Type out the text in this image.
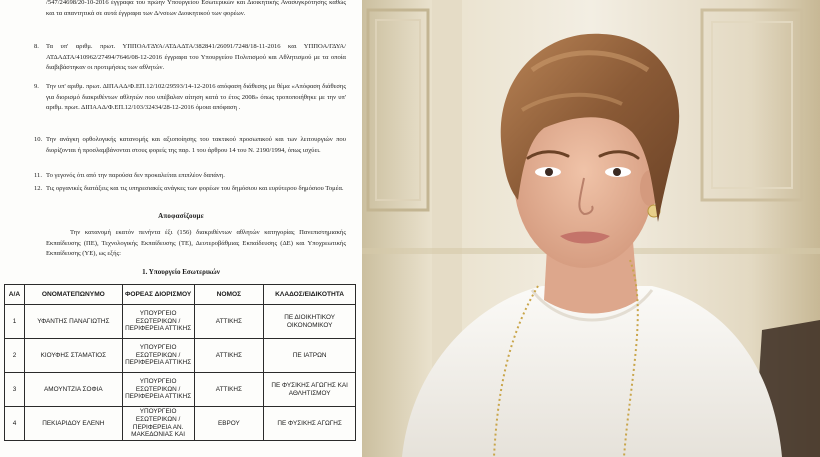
/547/24698/20-10-2016 έγγραφα του πρώην Υπουργείου Εσωτερικών και Διοικητικής Ανασυγκρότησης καθώς και τα απαντητικά σε αυτά έγγραφα των Δ/νσεων Διοικητικού των φορέων.
8. Τα υπ' αριθμ. πρωτ. ΥΠΠΟΑ/ΓΔΥΑ/ΑΤΔΑΔΤΑ/382841/26091/7248/18-11-2016 και ΥΠΠΟΑ/ΓΔΥΑ/ΑΤΔΑΔΤΑ/410962/27494/7646/08-12-2016 έγγραφα του Υπουργείου Πολιτισμού και Αθλητισμού με τα οποία διαβιβάστηκαν οι προτιμήσεις των αθλητών.
9. Την υπ' αριθμ. πρωτ. ΔΙΠΑΑΔ/Φ.ΕΠ.12/102/29593/14-12-2016 απόφαση διάθεσης με θέμα «Απόφαση διάθεσης για διορισμό διακριθέντων αθλητών που υπέβαλαν αίτηση κατά το έτος 2008» όπως τροποποιήθηκε με την υπ' αριθμ. πρωτ. ΔΙΠΑΑΔ/Φ.ΕΠ.12/103/32434/28-12-2016 όμοια απόφαση .
10. Την ανάγκη ορθολογικής κατανομής και αξιοποίησης του τακτικού προσωπικού και των λειτουργιών που διορίζονται ή προσλαμβάνονται στους φορείς της παρ. 1 του άρθρου 14 του Ν. 2190/1994, όπως ισχύει.
11. Το γεγονός ότι από την παρούσα δεν προκαλείται επιπλέον δαπάνη.
12. Τις οργανικές διατάξεις και τις υπηρεσιακές ανάγκες των φορέων του δημόσιου και ευρύτερου δημόσιου Τομέα.
Αποφασίζουμε
Την κατανομή εκατόν πενήντα έξι (156) διακριθέντων αθλητών κατηγορίας Πανεπιστημιακής Εκπαίδευσης (ΠΕ), Τεχνολογικής Εκπαίδευσης (ΤΕ), Δευτεροβάθμιας Εκπαίδευσης (ΔΕ) και Υποχρεωτικής Εκπαίδευσης (ΥΕ), ως εξής:
1. Υπουργείο Εσωτερικών
Α/Α	ΟΝΟΜΑΤΕΠΩΝΥΜΟ	ΦΟΡΕΑΣ ΔΙΟΡΙΣΜΟΥ	ΝΟΜΟΣ	ΚΛΑΔΟΣ/ΕΙΔΙΚΟΤΗΤΑ
1	ΥΦΑΝΤΗΣ ΠΑΝΑΓΙΩΤΗΣ	ΥΠΟΥΡΓΕΙΟ ΕΣΩΤΕΡΙΚΩΝ / ΠΕΡΙΦΕΡΕΙΑ ΑΤΤΙΚΗΣ	ΑΤΤΙΚΗΣ	ΠΕ ΔΙΟΙΚΗΤΙΚΟΥ ΟΙΚΟΝΟΜΙΚΟΥ
2	ΚΙΟΥΦΗΣ ΣΤΑΜΑΤΙΟΣ	ΥΠΟΥΡΓΕΙΟ ΕΣΩΤΕΡΙΚΩΝ / ΠΕΡΙΦΕΡΕΙΑ ΑΤΤΙΚΗΣ	ΑΤΤΙΚΗΣ	ΠΕ ΙΑΤΡΩΝ
3	ΑΜΟΥΝΤΖΙΑ ΣΟΦΙΑ	ΥΠΟΥΡΓΕΙΟ ΕΣΩΤΕΡΙΚΩΝ / ΠΕΡΙΦΕΡΕΙΑ ΑΤΤΙΚΗΣ	ΑΤΤΙΚΗΣ	ΠΕ ΦΥΣΙΚΗΣ ΑΓΩΓΗΣ ΚΑΙ ΑΘΛΗΤΙΣΜΟΥ
4	ΠΕΚΙΑΡΙΔΟΥ ΕΛΕΝΗ	ΥΠΟΥΡΓΕΙΟ ΕΣΩΤΕΡΙΚΩΝ / ΠΕΡΙΦΕΡΕΙΑ ΑΝ. ΜΑΚΕΔΟΝΙΑΣ ΚΑΙ	ΕΒΡΟΥ	ΠΕ ΦΥΣΙΚΗΣ ΑΓΩΓΗΣ
